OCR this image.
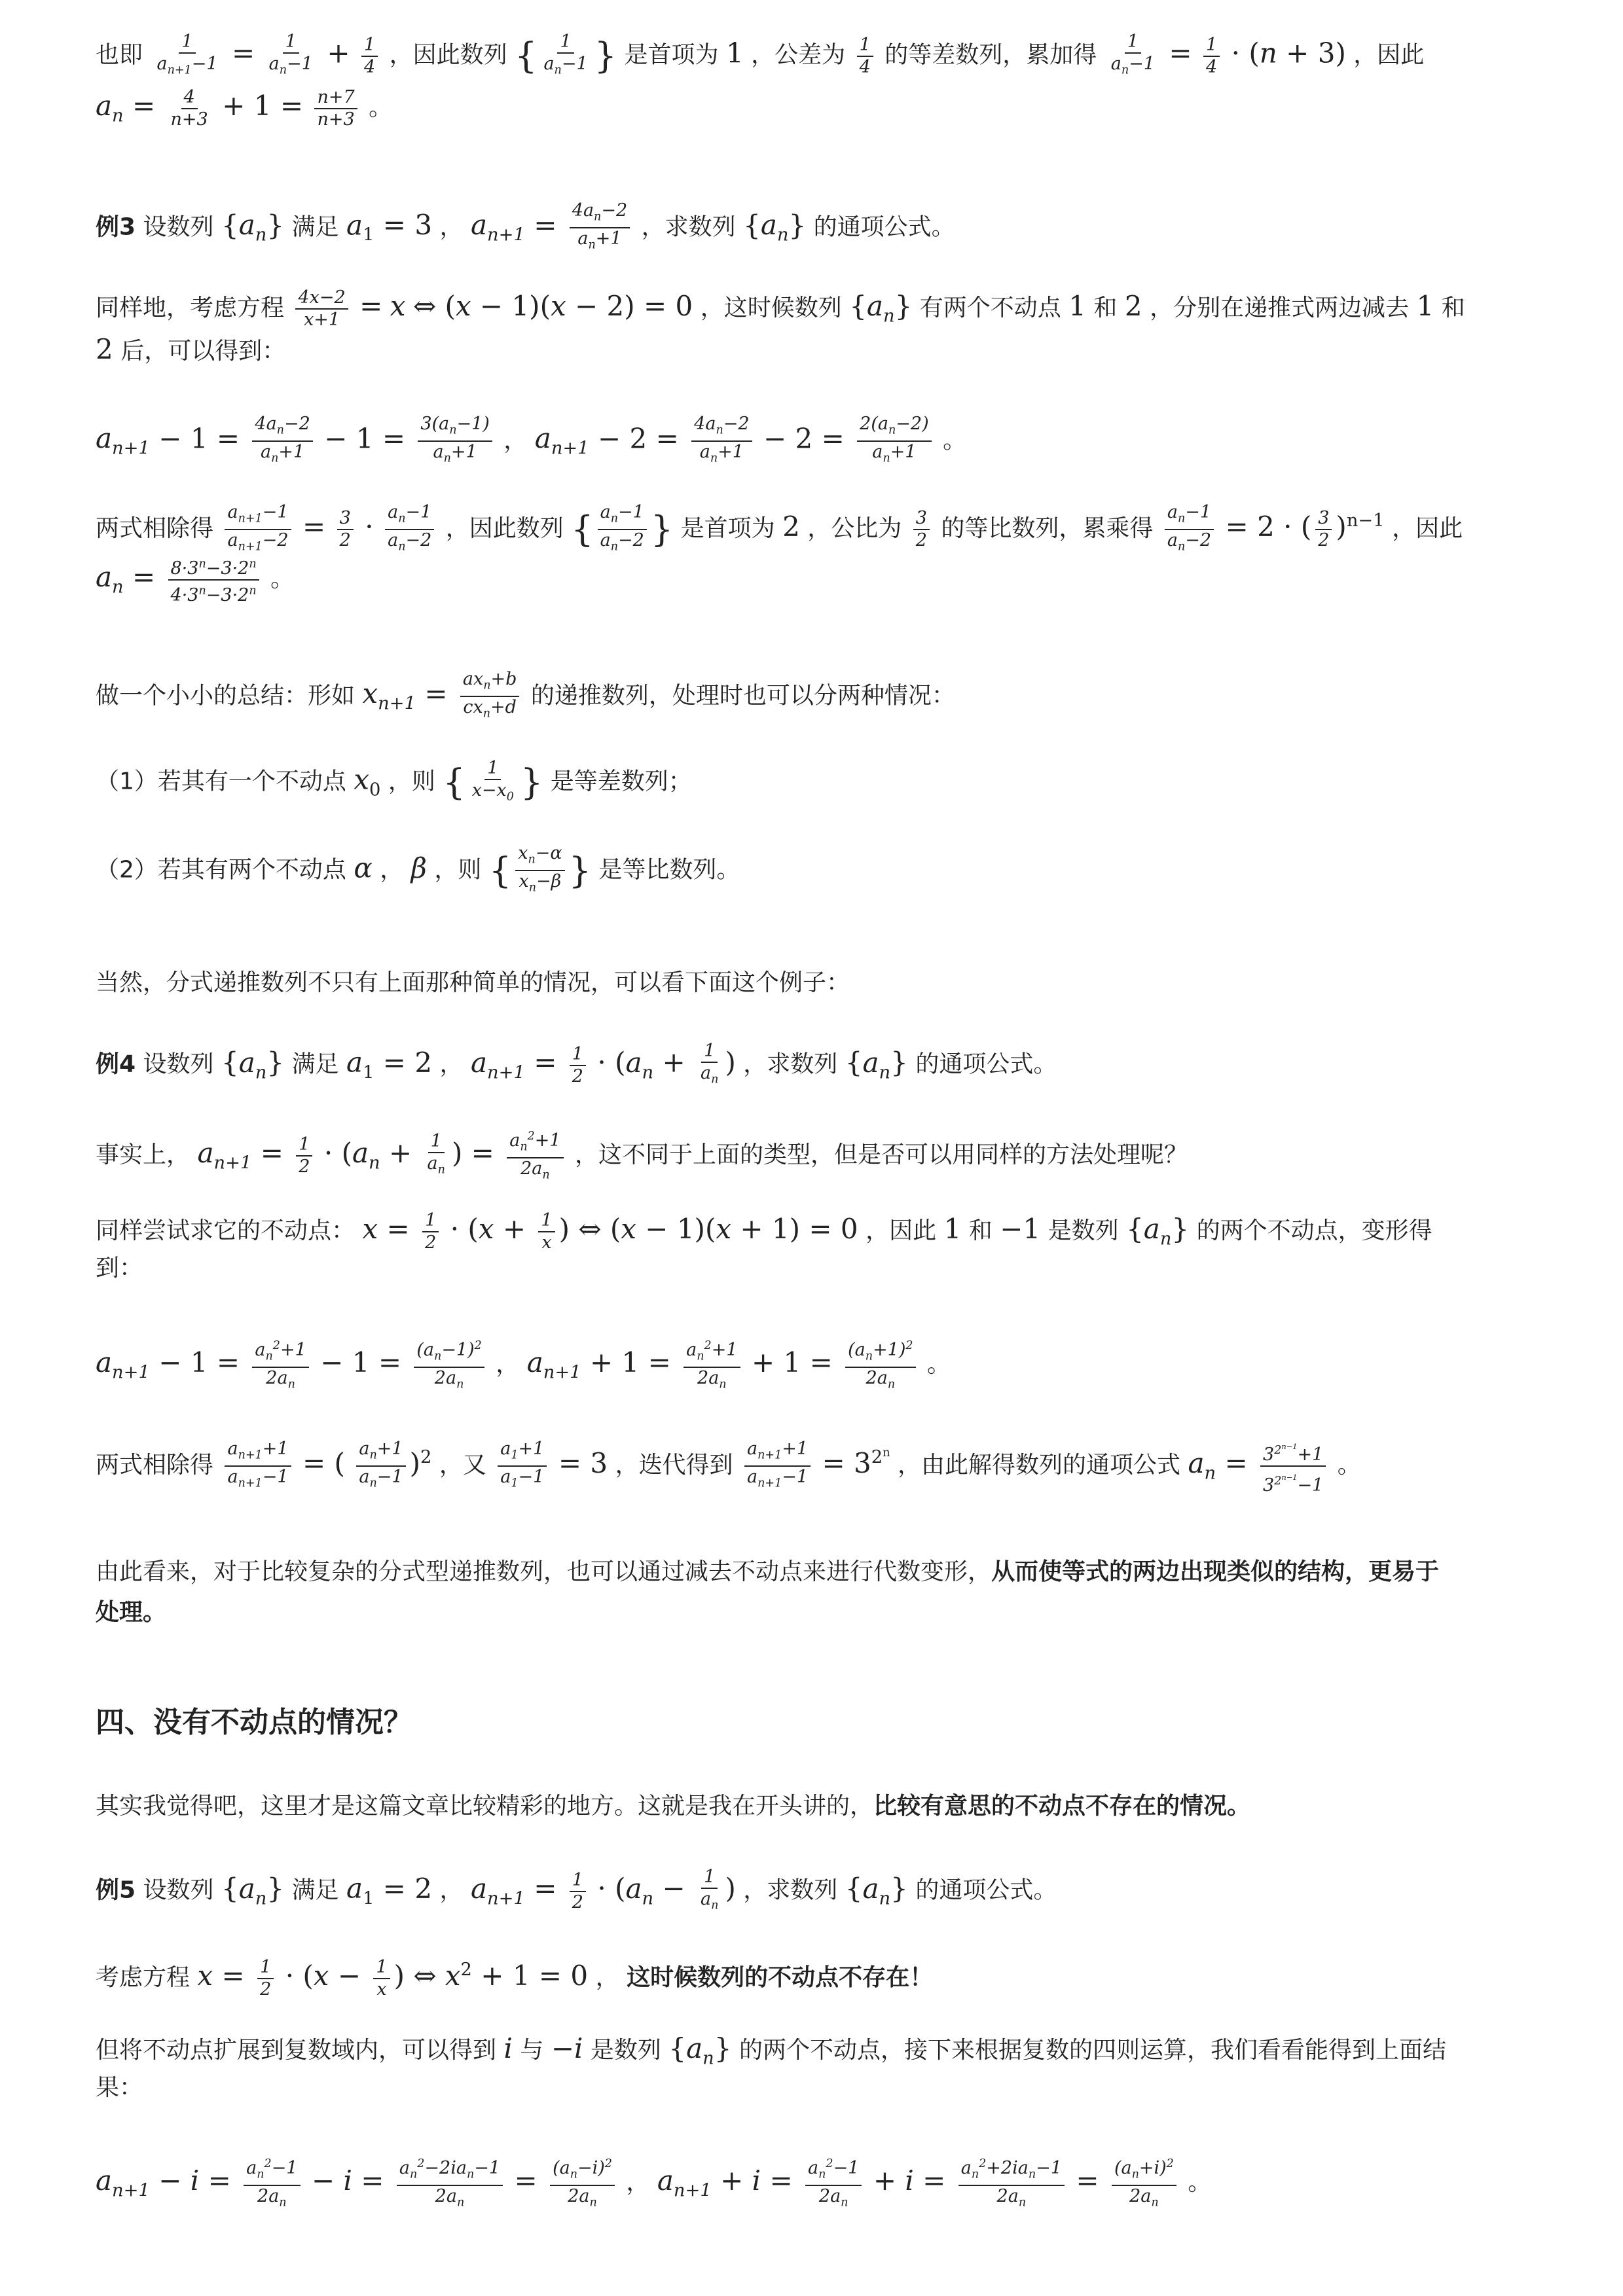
也即 $\frac{1}{a_{n+1}-1} = \frac{1}{a_n-1} + \frac{1}{4}$ ，因此数列 { $\frac{1}{a_n-1}$ } 是首项为 1 ，公差为 $\frac{1}{4}$ 的等差数列，累加得 $\frac{1}{a_n-1} = \frac{1}{4} \cdot (n + 3)$ ，因此
$a_n = \frac{4}{n+3} + 1 = \frac{n+7}{n+3}$ 。
例3 设数列 $\{a_n\}$ 满足 $a_1 = 3$ ， $a_{n+1} = \frac{4a_n-2}{a_n+1}$ ，求数列 $\{a_n\}$ 的通项公式。
同样地，考虑方程 $\frac{4x-2}{x+1} = x$ ⇔ (x − 1)(x − 2) = 0 ，这时候数列 $\{a_n\}$ 有两个不动点 1 和 2 ，分别在递推式两边减去 1 和
2 后，可以得到：
$a_{n+1} - 1 = \frac{4a_n-2}{a_n+1} - 1 = \frac{3(a_n-1)}{a_n+1}$ ， $a_{n+1} - 2 = \frac{4a_n-2}{a_n+1} - 2 = \frac{2(a_n-2)}{a_n+1}$ 。
两式相除得 $\frac{a_{n+1}-1}{a_{n+1}-2} = \frac{3}{2} \cdot \frac{a_n-1}{a_n-2}$ ，因此数列 { $\frac{a_n-1}{a_n-2}$ } 是首项为 2 ，公比为 $\frac{3}{2}$ 的等比数列，累乘得 $\frac{a_n-1}{a_n-2} = 2$ · ( $\frac{3}{2} )^{n-1}$ ，因此
$a_n = \frac{8\cdot 3^n-3\cdot 2^n}{4\cdot 3^n-3\cdot 2^n}$ 。
做一个小小的总结：形如 $x_{n+1} = \frac{ax_n+b}{cx_n+d}$ 的递推数列，处理时也可以分两种情况：
（1）若其有一个不动点 $x_0$ ，则 { $\frac{1}{x-x_0}$ } 是等差数列；
（2）若其有两个不动点 α ， β ，则 { $\frac{x_n-\alpha}{x_n-\beta}$ } 是等比数列。
当然，分式递推数列不只有上面那种简单的情况，可以看下面这个例子：
例4 设数列 $\{a_n\}$ 满足 $a_1 = 2$ ， $a_{n+1} = \frac{1}{2} \cdot (a_n + \frac{1}{a_n}$ ) ，求数列 $\{a_n\}$ 的通项公式。
事实上， $a_{n+1} = \frac{1}{2} \cdot (a_n + \frac{1}{a_n}$ ) = $\frac{a_n^2+1}{2a_n}$ ，这不同于上面的类型，但是否可以用同样的方法处理呢？
同样尝试求它的不动点： $x = \frac{1}{2} \cdot (x + \frac{1}{x}$ ) ⇔ (x − 1)(x + 1) = 0 ，因此 1 和 −1 是数列 $\{a_n\}$ 的两个不动点，变形得
到：
$a_{n+1} - 1 = \frac{a_n^2+1}{2a_n} - 1 = \frac{(a_n-1)^2}{2a_n}$ ， $a_{n+1} + 1 = \frac{a_n^2+1}{2a_n} + 1 = \frac{(a_n+1)^2}{2a_n}$ 。
两式相除得 $\frac{a_{n+1}+1}{a_{n+1}-1}$ = ( $\frac{a_n+1}{a_n-1} )^2$ ，又 $\frac{a_1+1}{a_1-1} = 3$ ，迭代得到 $\frac{a_{n+1}+1}{a_{n+1}-1} = 3^{2^n}$ ，由此解得数列的通项公式 $a_n = \frac{3^{2^{n-1}}+1}{3^{2^{n-1}}-1}$ 。
由此看来，对于比较复杂的分式型递推数列，也可以通过减去不动点来进行代数变形，从而使等式的两边出现类似的结构，更易于
处理。
四、没有不动点的情况？
其实我觉得吧，这里才是这篇文章比较精彩的地方。这就是我在开头讲的，比较有意思的不动点不存在的情况。
例5 设数列 $\{a_n\}$ 满足 $a_1 = 2$ ， $a_{n+1} = \frac{1}{2} \cdot (a_n - \frac{1}{a_n}$ ) ，求数列 $\{a_n\}$ 的通项公式。
考虑方程 $x = \frac{1}{2} \cdot (x - \frac{1}{x}$ ) ⇔ $x^2 + 1 = 0$ ， 这时候数列的不动点不存在！
但将不动点扩展到复数域内，可以得到 i 与 −i 是数列 $\{a_n\}$ 的两个不动点，接下来根据复数的四则运算，我们看看能得到上面结
果：
$a_{n+1} - i = \frac{a_n^2-1}{2a_n} - i = \frac{a_n^2-2ia_n-1}{2a_n} = \frac{(a_n-i)^2}{2a_n}$ ， $a_{n+1} + i = \frac{a_n^2-1}{2a_n} + i = \frac{a_n^2+2ia_n-1}{2a_n} = \frac{(a_n+i)^2}{2a_n}$ 。
